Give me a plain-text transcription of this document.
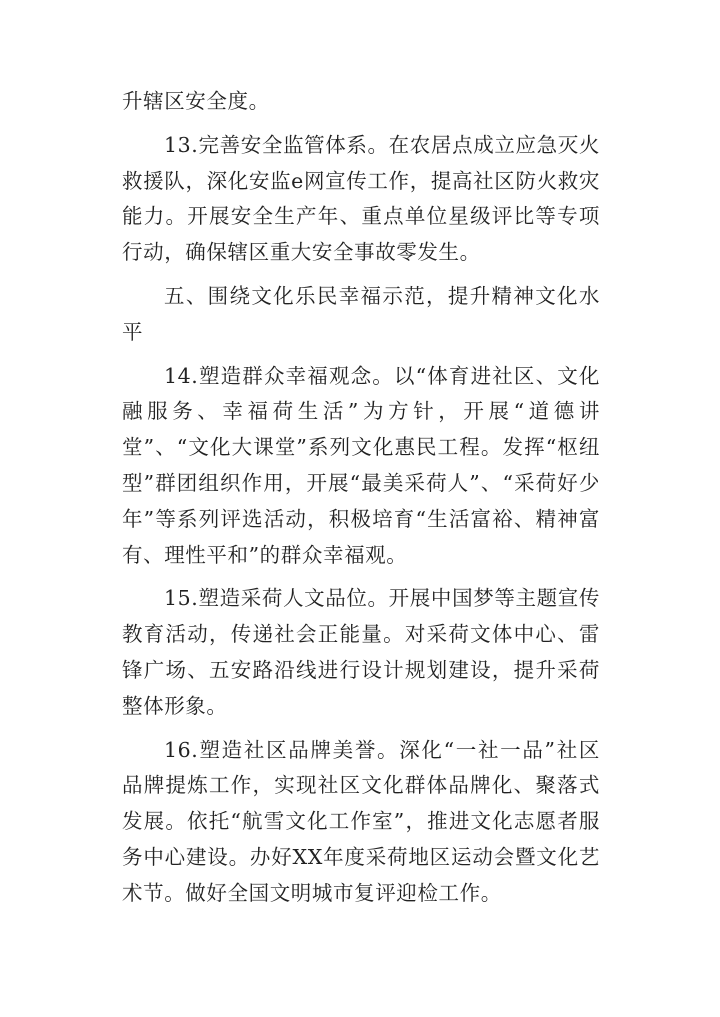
升辖区安全度。

13.完善安全监管体系。在农居点成立应急灭火救援队，深化安监e网宣传工作，提高社区防火救灾能力。开展安全生产年、重点单位星级评比等专项行动，确保辖区重大安全事故零发生。

五、围绕文化乐民幸福示范，提升精神文化水平

14.塑造群众幸福观念。以“体育进社区、文化融服务、幸福荷生活”为方针，开展“道德讲堂”、“文化大课堂”系列文化惠民工程。发挥“枢纽型”群团组织作用，开展“最美采荷人”、“采荷好少年”等系列评选活动，积极培育“生活富裕、精神富有、理性平和”的群众幸福观。

15.塑造采荷人文品位。开展中国梦等主题宣传教育活动，传递社会正能量。对采荷文体中心、雷锋广场、五安路沿线进行设计规划建设，提升采荷整体形象。

16.塑造社区品牌美誉。深化“一社一品”社区品牌提炼工作，实现社区文化群体品牌化、聚落式发展。依托“航雪文化工作室”，推进文化志愿者服务中心建设。办好XX年度采荷地区运动会暨文化艺术节。做好全国文明城市复评迎检工作。
